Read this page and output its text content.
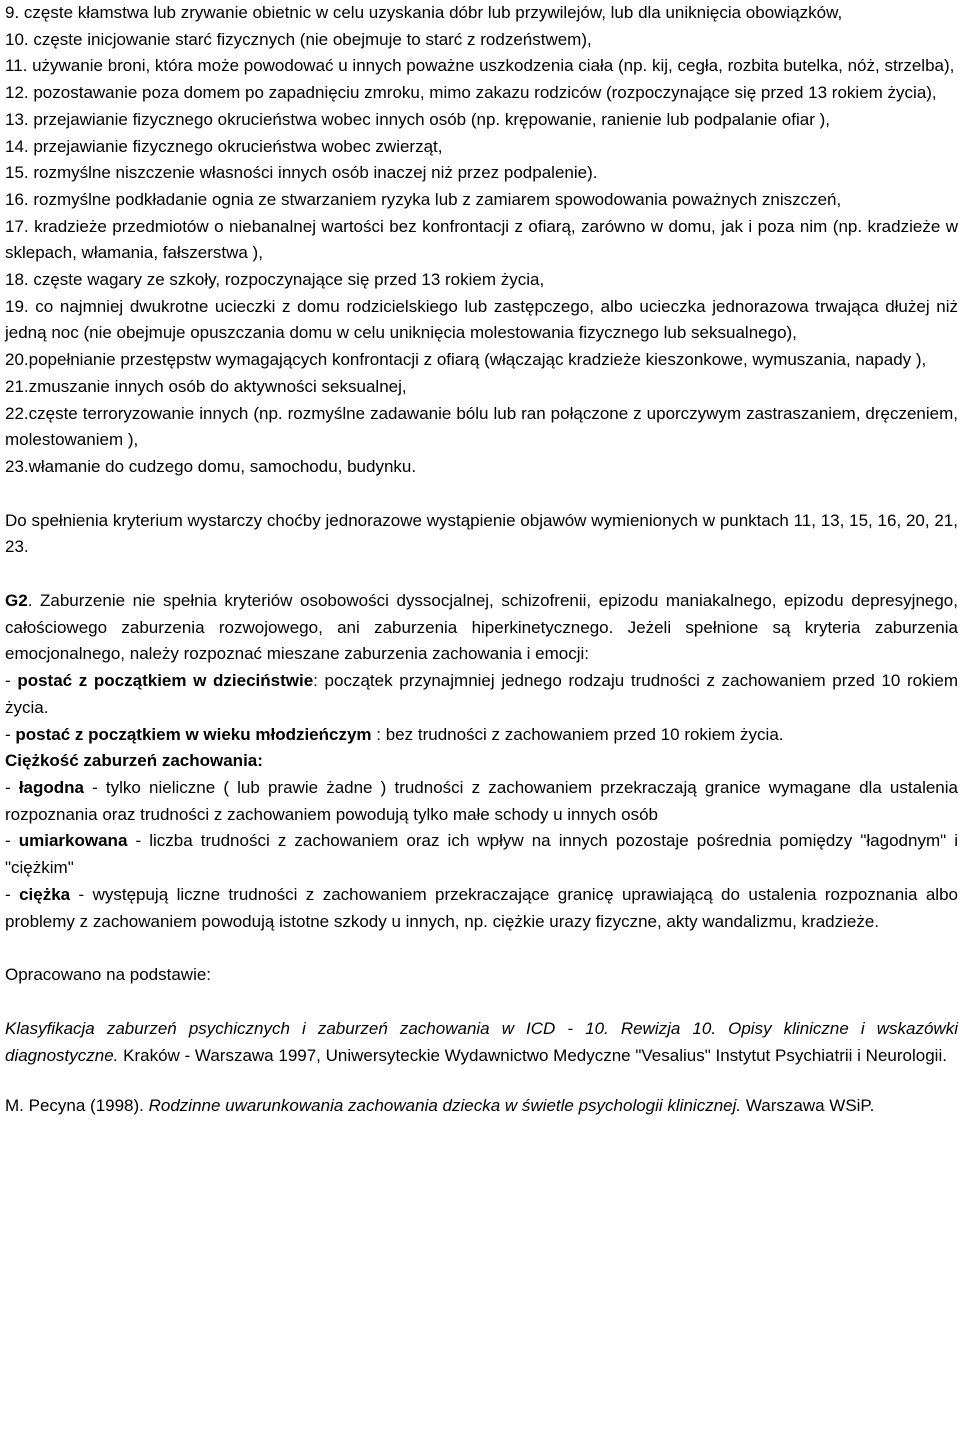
9. częste kłamstwa lub zrywanie obietnic w celu uzyskania dóbr lub przywilejów, lub dla uniknięcia obowiązków,

10. częste inicjowanie starć fizycznych (nie obejmuje to starć z rodzeństwem),

11. używanie broni, która może powodować u innych poważne uszkodzenia ciała (np. kij, cegła, rozbita butelka, nóż, strzelba),

12. pozostawanie poza domem po zapadnięciu zmroku, mimo zakazu rodziców (rozpoczynające się przed 13 rokiem życia),

13. przejawianie fizycznego okrucieństwa wobec innych osób (np. krępowanie, ranienie lub podpalanie ofiar ),

14. przejawianie fizycznego okrucieństwa wobec zwierząt,

15. rozmyślne niszczenie własności innych osób inaczej niż przez podpalenie).

16. rozmyślne podkładanie ognia ze stwarzaniem ryzyka lub z zamiarem spowodowania poważnych zniszczeń,

17. kradzieże przedmiotów o niebanalnej wartości bez konfrontacji z ofiarą, zarówno w domu, jak i poza nim (np. kradzieże w sklepach, włamania, fałszerstwa ),

18. częste wagary ze szkoły, rozpoczynające się przed 13 rokiem życia,

19. co najmniej dwukrotne ucieczki z domu rodzicielskiego lub zastępczego, albo ucieczka jednorazowa trwająca dłużej niż jedną noc (nie obejmuje opuszczania domu w celu uniknięcia molestowania fizycznego lub seksualnego),

20.popełnianie przestępstw wymagających konfrontacji z ofiarą (włączając kradzieże kieszonkowe, wymuszania, napady ),

21.zmuszanie innych osób do aktywności seksualnej,

22.częste terroryzowanie innych (np. rozmyślne zadawanie bólu lub ran połączone z uporczywym zastraszaniem, dręczeniem, molestowaniem ),

23.włamanie do cudzego domu, samochodu, budynku.

Do spełnienia kryterium wystarczy choćby jednorazowe wystąpienie objawów wymienionych w punktach 11, 13, 15, 16, 20, 21, 23.

G2. Zaburzenie nie spełnia kryteriów osobowości dyssocjalnej, schizofrenii, epizodu maniakalnego, epizodu depresyjnego, całościowego zaburzenia rozwojowego, ani zaburzenia hiperkinetycznego. Jeżeli spełnione są kryteria zaburzenia emocjonalnego, należy rozpoznać mieszane zaburzenia zachowania i emocji:

- postać z początkiem w dzieciństwie: początek przynajmniej jednego rodzaju trudności z zachowaniem przed 10 rokiem życia.

- postać z początkiem w wieku młodzieńczym : bez trudności z zachowaniem przed 10 rokiem życia.

Ciężkość zaburzeń zachowania:

- łagodna - tylko nieliczne ( lub prawie żadne ) trudności z zachowaniem przekraczają granice wymagane dla ustalenia rozpoznania oraz trudności z zachowaniem powodują tylko małe schody u innych osób

- umiarkowana - liczba trudności z zachowaniem oraz ich wpływ na innych pozostaje pośrednia pomiędzy "łagodnym" i "ciężkim"

- ciężka - występują liczne trudności z zachowaniem przekraczające granicę uprawiającą do ustalenia rozpoznania albo problemy z zachowaniem powodują istotne szkody u innych, np. ciężkie urazy fizyczne, akty wandalizmu, kradzieże.

Opracowano na podstawie:

Klasyfikacja zaburzeń psychicznych i zaburzeń zachowania w ICD - 10. Rewizja 10. Opisy kliniczne i wskazówki diagnostyczne. Kraków - Warszawa 1997, Uniwersyteckie Wydawnictwo Medyczne "Vesalius" Instytut Psychiatrii i Neurologii.

M. Pecyna (1998). Rodzinne uwarunkowania zachowania dziecka w świetle psychologii klinicznej. Warszawa WSiP.
